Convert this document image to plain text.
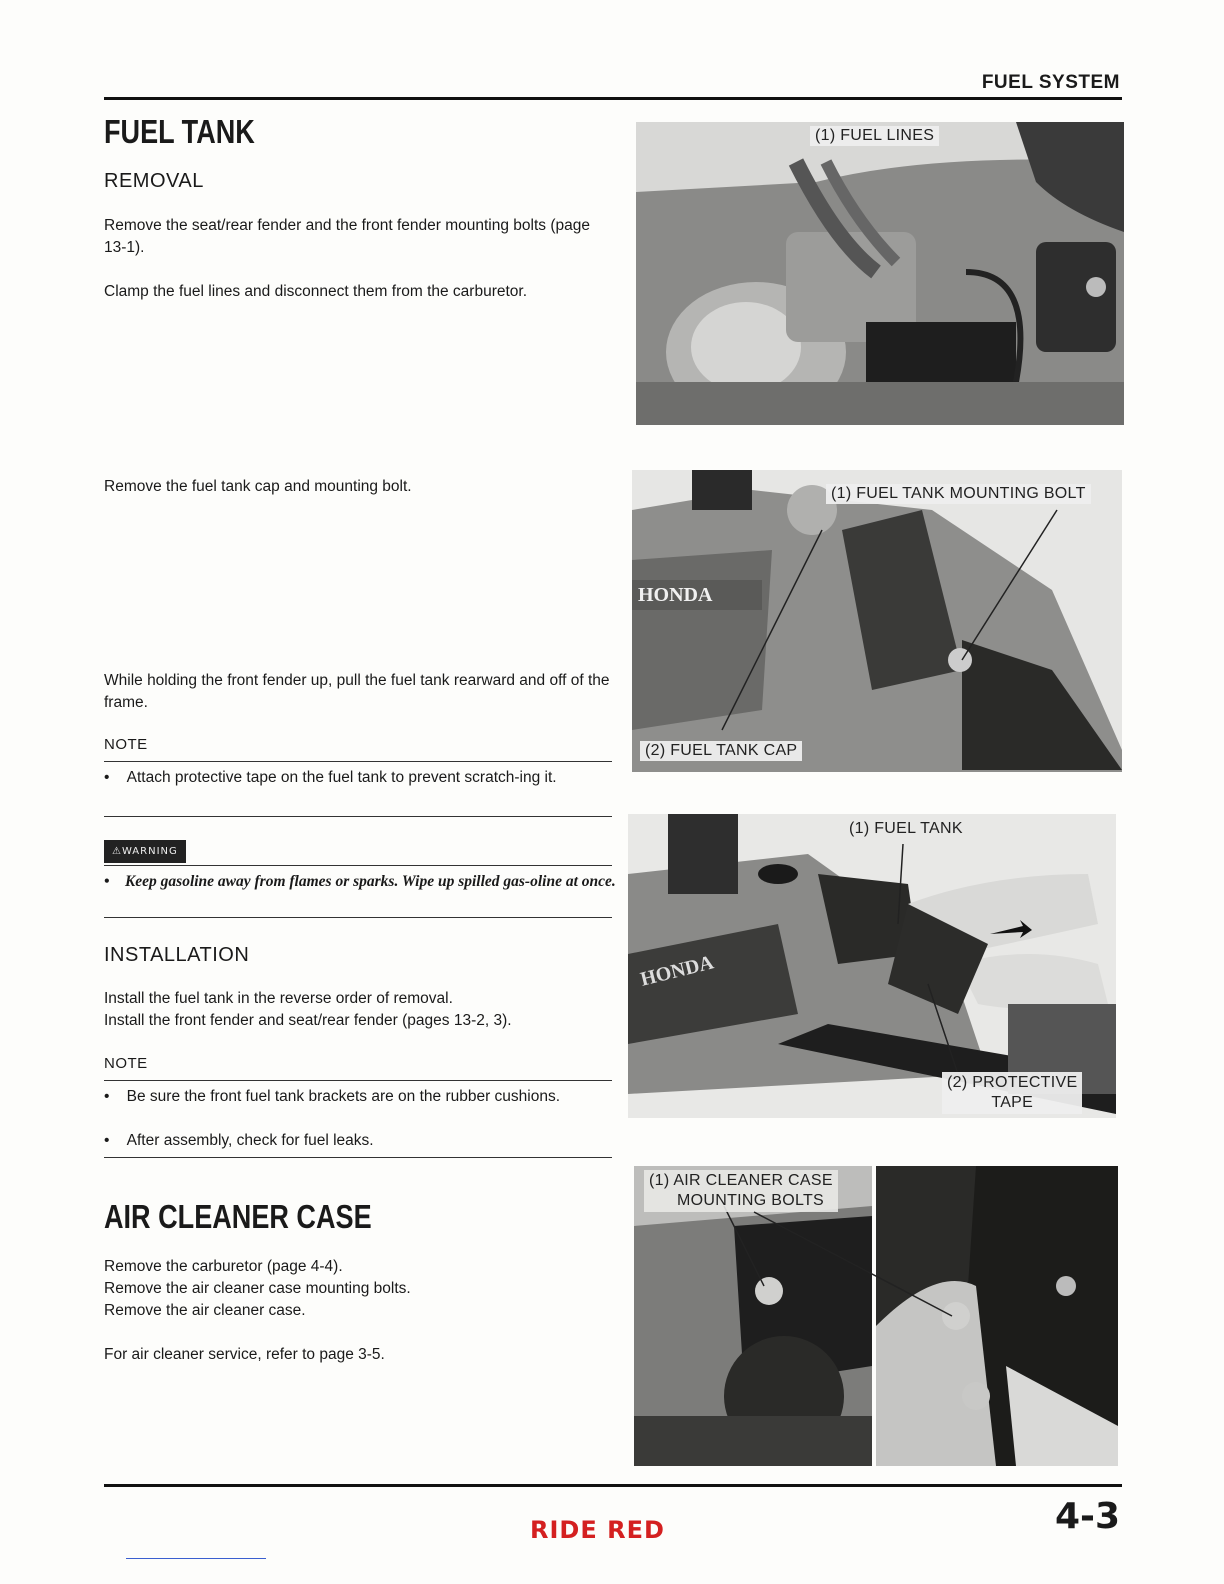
FUEL SYSTEM
FUEL TANK
REMOVAL
Remove the seat/rear fender and the front fender mounting bolts (page 13-1).
Clamp the fuel lines and disconnect them from the carburetor.
Remove the fuel tank cap and mounting bolt.
While holding the front fender up, pull the fuel tank rearward and off of the frame.
NOTE
•    Attach protective tape on the fuel tank to prevent scratch-ing it.
⚠WARNING
•    Keep gasoline away from flames or sparks. Wipe up spilled gas-oline at once.
INSTALLATION
Install the fuel tank in the reverse order of removal.
Install the front fender and seat/rear fender (pages 13-2, 3).
NOTE
•    Be sure the front fuel tank brackets are on the rubber cushions.
•    After assembly, check for fuel leaks.
AIR CLEANER CASE
Remove the carburetor (page 4-4).
Remove the air cleaner case mounting bolts.
Remove the air cleaner case.
For air cleaner service, refer to page 3-5.
(1) FUEL LINES
HONDA
(1) FUEL TANK MOUNTING BOLT
(2) FUEL TANK CAP
HONDA
(1) FUEL TANK
(2) PROTECTIVE
TAPE
(1) AIR CLEANER CASE
MOUNTING BOLTS
RIDE RED	4-3
